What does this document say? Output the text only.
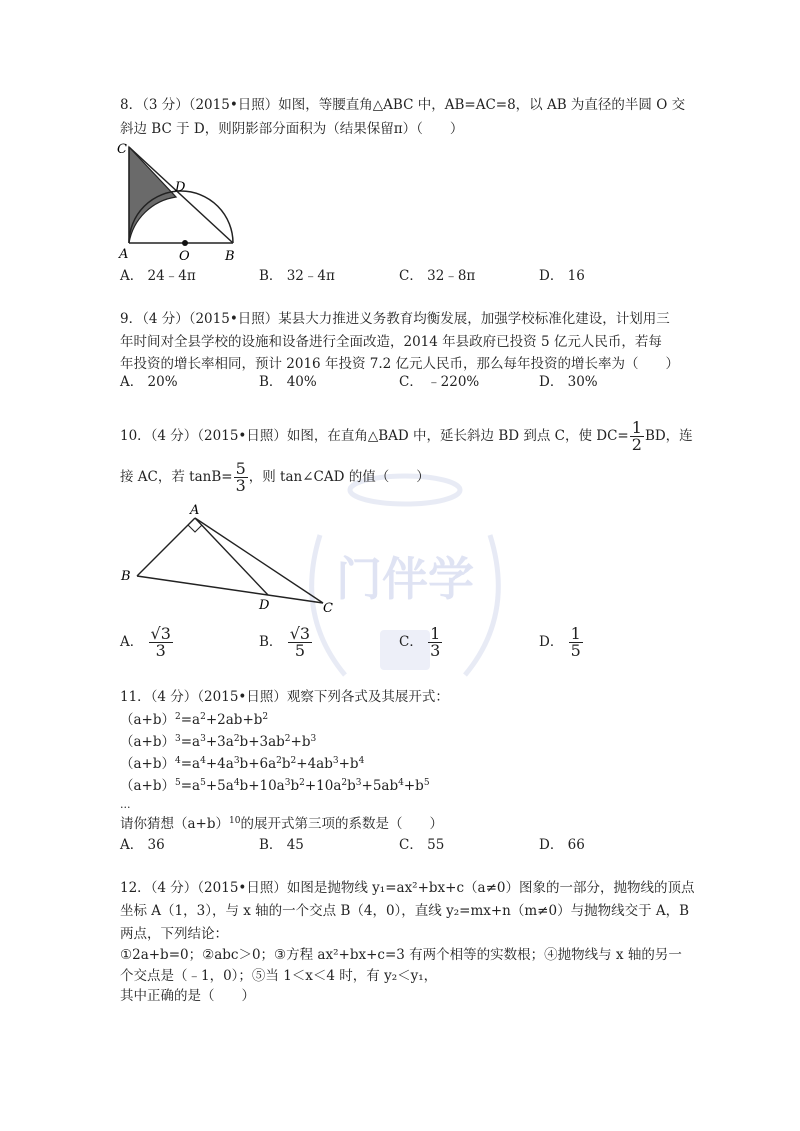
门伴学
8．（3 分）（2015•日照）如图，等腰直角△ABC 中，AB=AC=8，以 AB 为直径的半圆 O 交
斜边 BC 于 D，则阴影部分面积为（结果保留π）（　　）
C
D
A	O	B
A． 24﹣4π	B． 32﹣4π	C． 32﹣8π	D． 16
9．（4 分）（2015•日照）某县大力推进义务教育均衡发展，加强学校标准化建设，计划用三
年时间对全县学校的设施和设备进行全面改造，2014 年县政府已投资 5 亿元人民币，若每
年投资的增长率相同，预计 2016 年投资 7.2 亿元人民币，那么每年投资的增长率为（　　）
A． 20%	B． 40%	C． ﹣220%	D． 30%
10．（4 分）（2015•日照）如图，在直角△BAD 中，延长斜边 BD 到点 C，使 $DC= \frac{1}{2}$ BD，连
接 AC，若 $\tan B= \frac{5}{3}$ ，则 tan∠CAD 的值（　　）
A
B
D	C
A． $\frac{√3}{3}$	B． $\frac{√3}{5}$	C． $\frac{1}{3}$	D． $\frac{1}{5}$
11．（4 分）（2015•日照）观察下列各式及其展开式：
$(a+b)^2=a^2+2ab+b^2$
$(a+b)^3=a^3+3a^2b+3ab^2+b^3$
$(a+b)^4=a^4+4a^3b+6a^2b^2+4ab^3+b^4$
$(a+b)^5=a^5+5a^4b+10a^3b^2+10a^2b^3+5ab^4+b^5$
...
请你猜想$(a+b)^{10}$的展开式第三项的系数是（　　）
A． 36	B． 45	C． 55	D． 66
12．（4 分）（2015•日照）如图是抛物线 y₁=ax²+bx+c（a≠0）图象的一部分，抛物线的顶点
坐标 A（1，3），与 x 轴的一个交点 B（4，0），直线 y₂=mx+n（m≠0）与抛物线交于 A，B
两点，下列结论：
①2a+b=0；②abc＞0；③方程 ax²+bx+c=3 有两个相等的实数根；④抛物线与 x 轴的另一
个交点是（﹣1，0）；⑤当 1＜x＜4 时，有 y₂＜y₁，
其中正确的是（　　）
